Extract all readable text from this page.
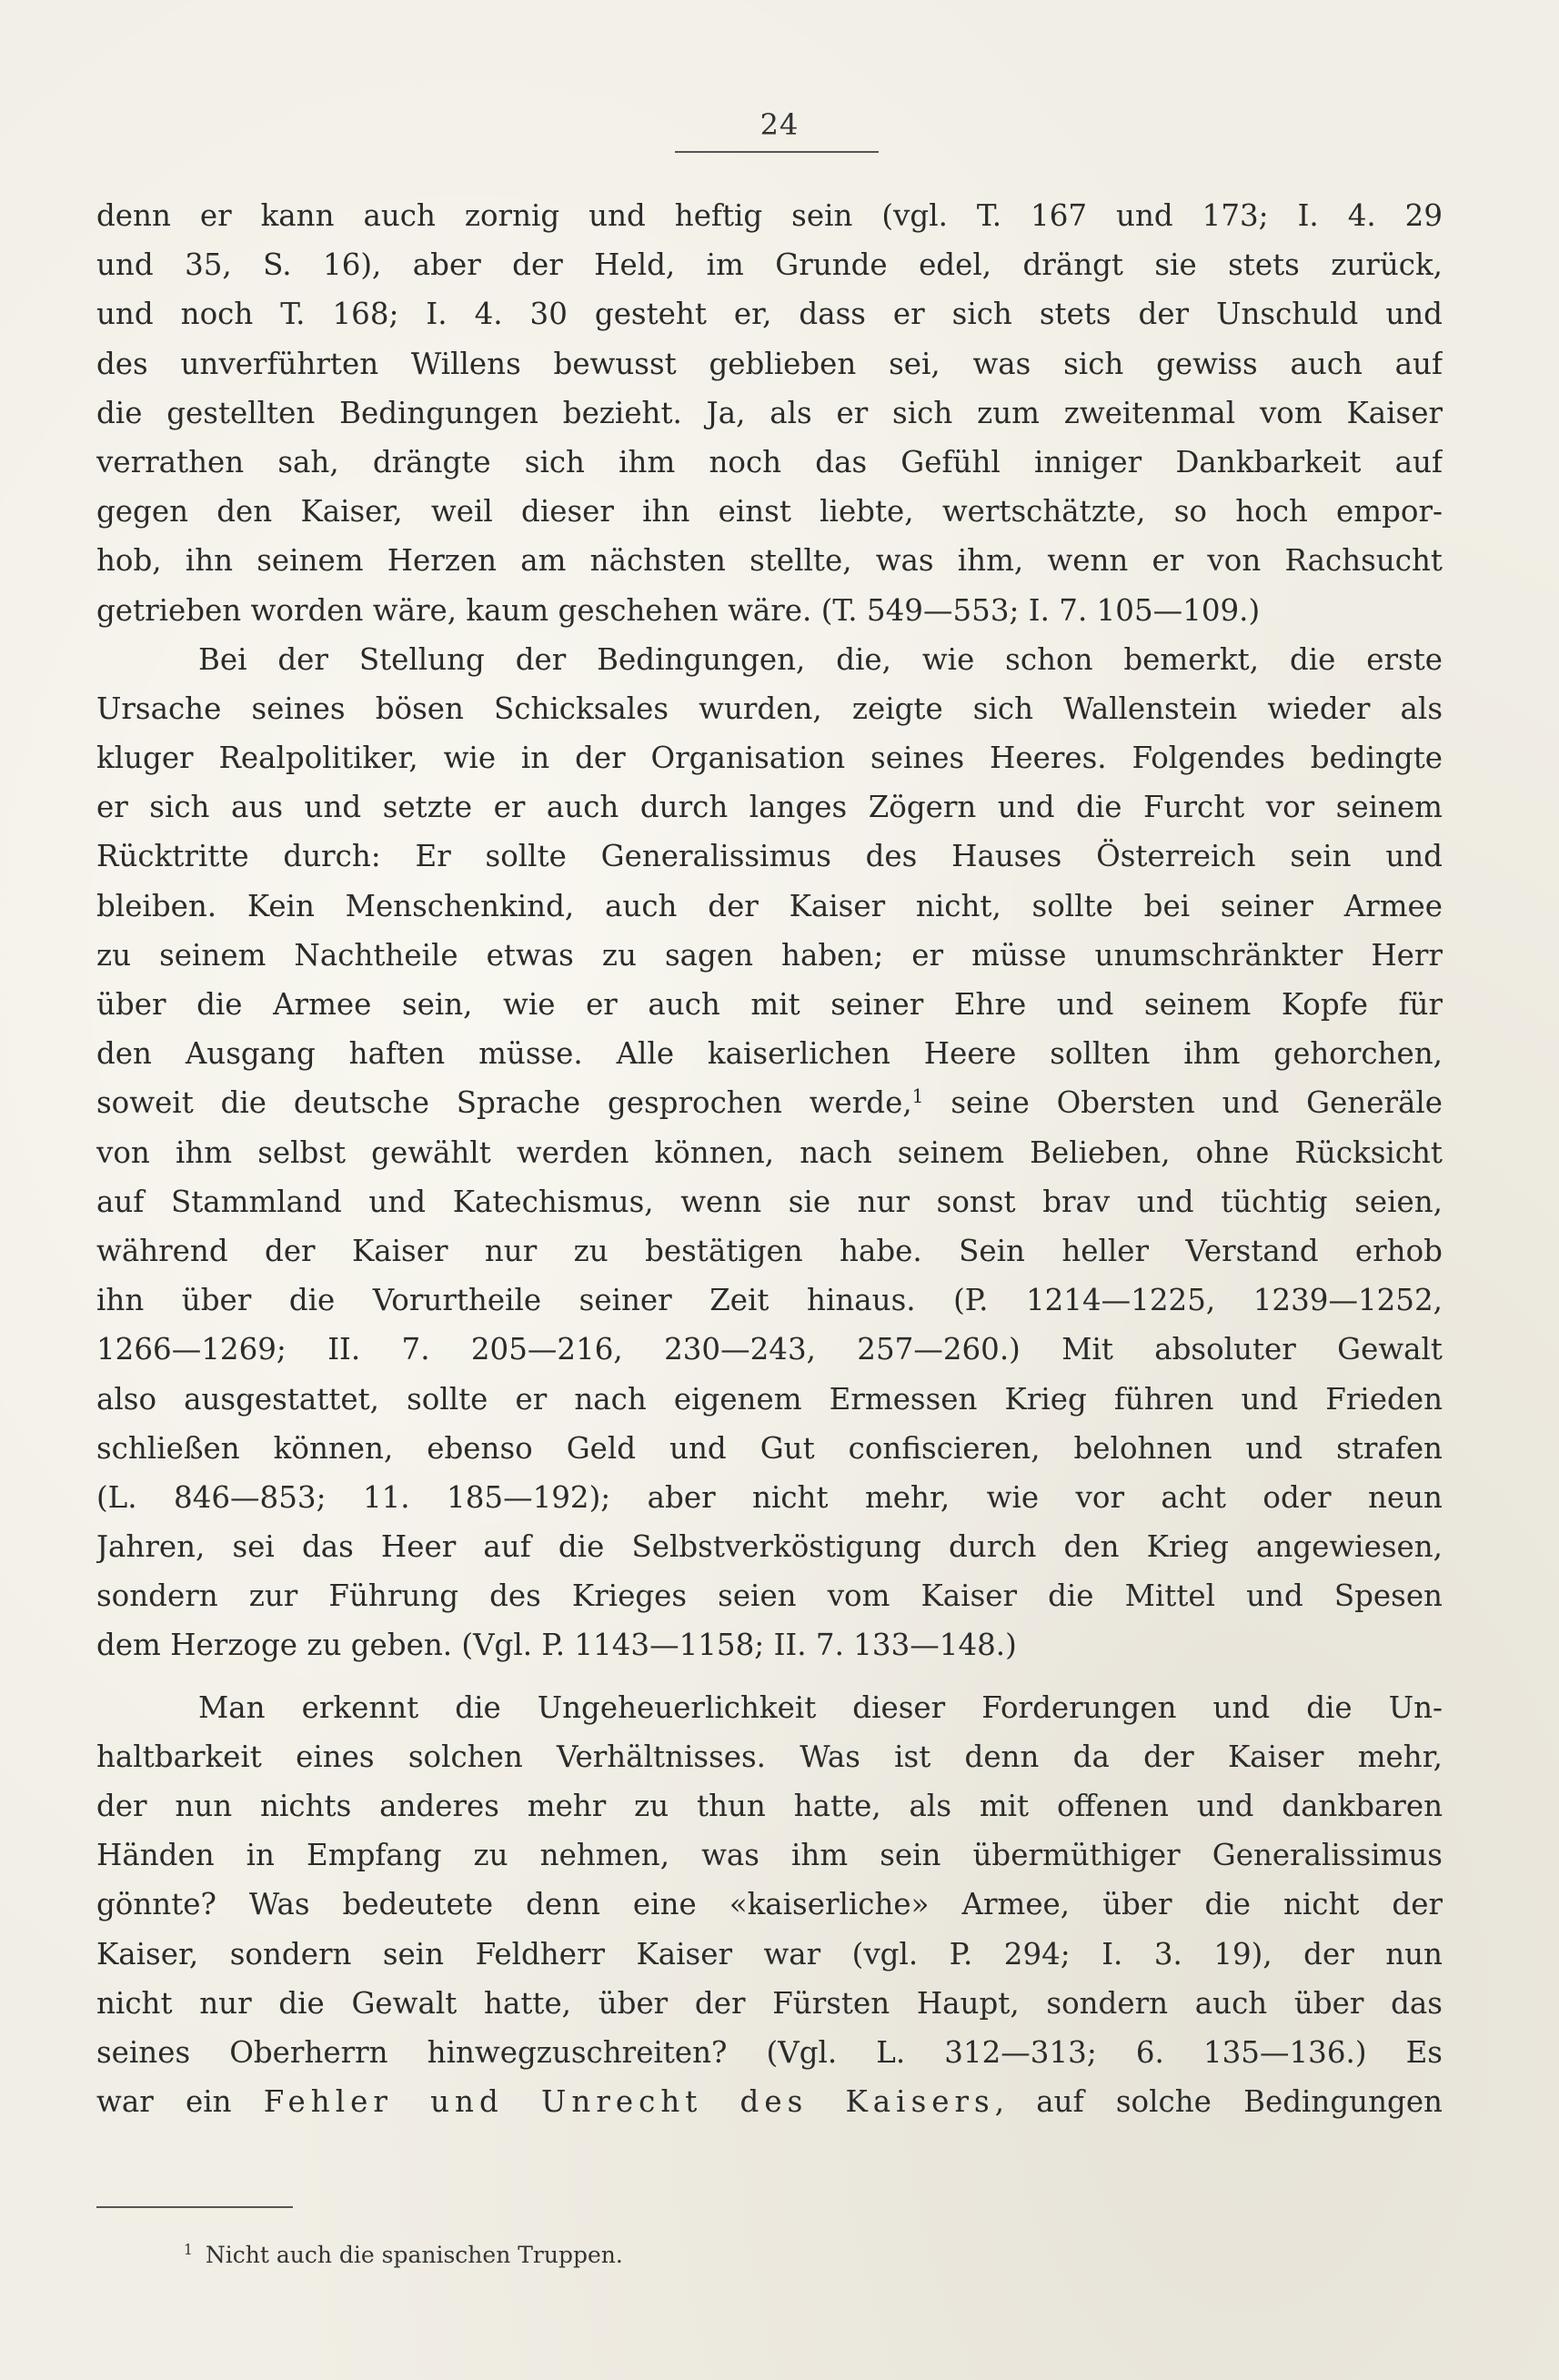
24
denn er kann auch zornig und heftig sein (vgl. T. 167 und 173; I. 4. 29
und 35, S. 16), aber der Held, im Grunde edel, drängt sie stets zurück,
und noch T. 168; I. 4. 30 gesteht er, dass er sich stets der Unschuld und
des unverführten Willens bewusst geblieben sei, was sich gewiss auch auf
die gestellten Bedingungen bezieht. Ja, als er sich zum zweitenmal vom Kaiser
verrathen sah, drängte sich ihm noch das Gefühl inniger Dankbarkeit auf
gegen den Kaiser, weil dieser ihn einst liebte, wertschätzte, so hoch empor-
hob, ihn seinem Herzen am nächsten stellte, was ihm, wenn er von Rachsucht
getrieben worden wäre, kaum geschehen wäre. (T. 549—553; I. 7. 105—109.)
Bei der Stellung der Bedingungen, die, wie schon bemerkt, die erste
Ursache seines bösen Schicksales wurden, zeigte sich Wallenstein wieder als
kluger Realpolitiker, wie in der Organisation seines Heeres. Folgendes bedingte
er sich aus und setzte er auch durch langes Zögern und die Furcht vor seinem
Rücktritte durch: Er sollte Generalissimus des Hauses Österreich sein und
bleiben. Kein Menschenkind, auch der Kaiser nicht, sollte bei seiner Armee
zu seinem Nachtheile etwas zu sagen haben; er müsse unumschränkter Herr
über die Armee sein, wie er auch mit seiner Ehre und seinem Kopfe für
den Ausgang haften müsse. Alle kaiserlichen Heere sollten ihm gehorchen,
soweit die deutsche Sprache gesprochen werde,$^1$ seine Obersten und Generäle
von ihm selbst gewählt werden können, nach seinem Belieben, ohne Rücksicht
auf Stammland und Katechismus, wenn sie nur sonst brav und tüchtig seien,
während der Kaiser nur zu bestätigen habe. Sein heller Verstand erhob
ihn über die Vorurtheile seiner Zeit hinaus. (P. 1214—1225, 1239—1252,
1266—1269; II. 7. 205—216, 230—243, 257—260.) Mit absoluter Gewalt
also ausgestattet, sollte er nach eigenem Ermessen Krieg führen und Frieden
schließen können, ebenso Geld und Gut confiscieren, belohnen und strafen
(L. 846—853; 11. 185—192); aber nicht mehr, wie vor acht oder neun
Jahren, sei das Heer auf die Selbstverköstigung durch den Krieg angewiesen,
sondern zur Führung des Krieges seien vom Kaiser die Mittel und Spesen
dem Herzoge zu geben. (Vgl. P. 1143—1158; II. 7. 133—148.)
Man erkennt die Ungeheuerlichkeit dieser Forderungen und die Un-
haltbarkeit eines solchen Verhältnisses. Was ist denn da der Kaiser mehr,
der nun nichts anderes mehr zu thun hatte, als mit offenen und dankbaren
Händen in Empfang zu nehmen, was ihm sein übermüthiger Generalissimus
gönnte? Was bedeutete denn eine «kaiserliche» Armee, über die nicht der
Kaiser, sondern sein Feldherr Kaiser war (vgl. P. 294; I. 3. 19), der nun
nicht nur die Gewalt hatte, über der Fürsten Haupt, sondern auch über das
seines Oberherrn hinwegzuschreiten? (Vgl. L. 312—313; 6. 135—136.) Es
war ein Fehler und Unrecht des Kaisers, auf solche Bedingungen
$^1$ Nicht auch die spanischen Truppen.
